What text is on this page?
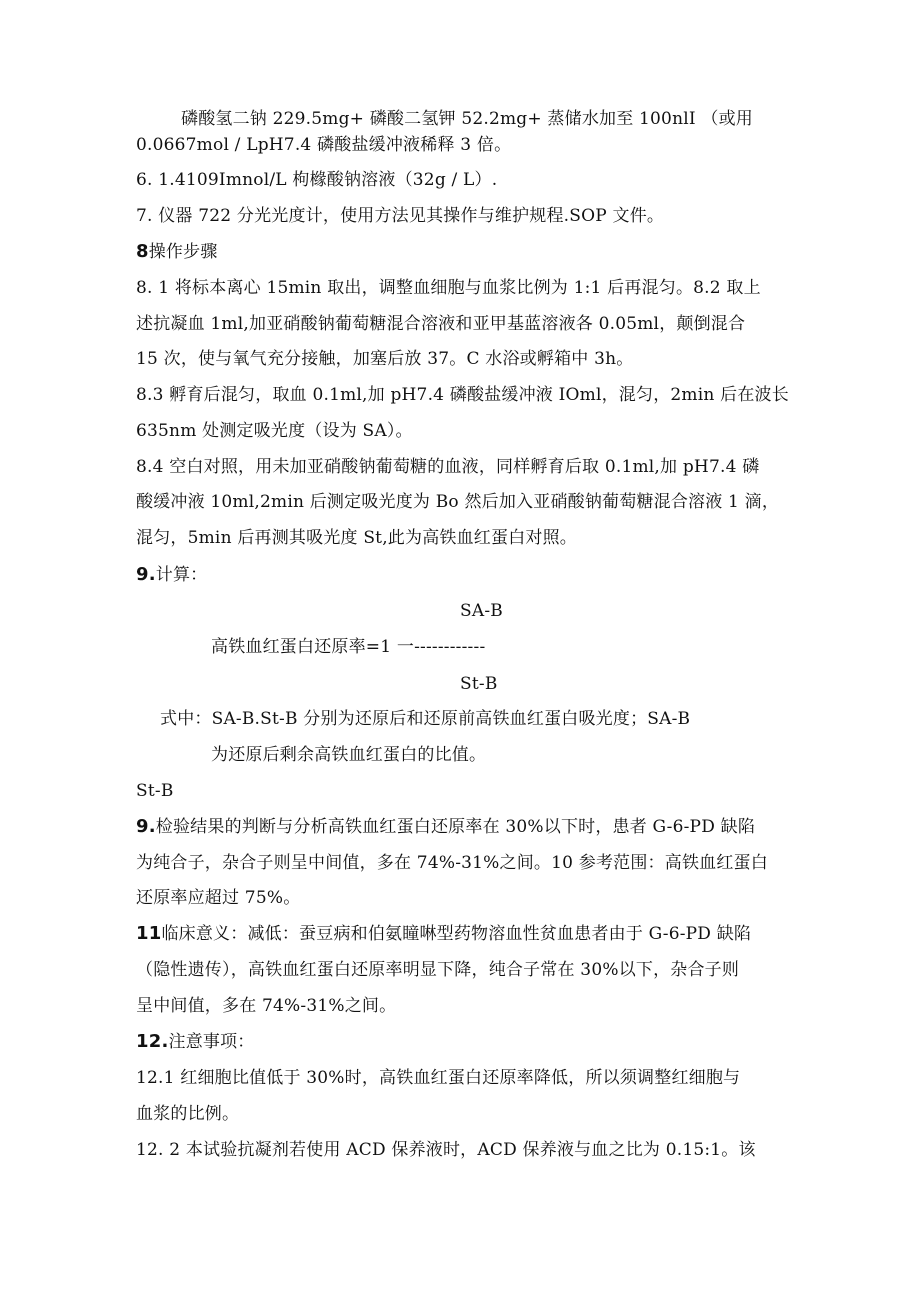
磷酸氢二钠 229.5mg+ 磷酸二氢钾 52.2mg+ 蒸储水加至 100nlI （或用
0.0667mol / LpH7.4 磷酸盐缓冲液稀释 3 倍。
6. 1.4109Imnol/L 枸橼酸钠溶液（32g / L）.
7. 仪器 722 分光光度计，使用方法见其操作与维护规程.SOP 文件。
8操作步骤
8. 1 将标本离心 15min 取出，调整血细胞与血浆比例为 1:1 后再混匀。8.2 取上
述抗凝血 1ml,加亚硝酸钠葡萄糖混合溶液和亚甲基蓝溶液各 0.05ml，颠倒混合
15 次，使与氧气充分接触，加塞后放 37。C 水浴或孵箱中 3h。
8.3 孵育后混匀，取血 0.1ml,加 pH7.4 磷酸盐缓冲液 IOml，混匀，2min 后在波长
635nm 处测定吸光度（设为 SA）。
8.4 空白对照，用未加亚硝酸钠葡萄糖的血液，同样孵育后取 0.1ml,加 pH7.4 磷
酸缓冲液 10ml,2min 后测定吸光度为 Bo 然后加入亚硝酸钠葡萄糖混合溶液 1 滴，
混匀，5min 后再测其吸光度 St,此为高铁血红蛋白对照。
9.计算：
SA-B
高铁血红蛋白还原率=1 一------------
St-B
式中：SA-B.St-B 分别为还原后和还原前高铁血红蛋白吸光度；SA-B
为还原后剩余高铁血红蛋白的比值。
St-B
9.检验结果的判断与分析高铁血红蛋白还原率在 30%以下时，患者 G-6-PD 缺陷
为纯合子，杂合子则呈中间值，多在 74%-31%之间。10 参考范围：高铁血红蛋白
还原率应超过 75%。
11临床意义：减低：蚕豆病和伯氨瞳啉型药物溶血性贫血患者由于 G-6-PD 缺陷
（隐性遗传），高铁血红蛋白还原率明显下降，纯合子常在 30%以下，杂合子则
呈中间值，多在 74%-31%之间。
12.注意事项：
12.1 红细胞比值低于 30%时，高铁血红蛋白还原率降低，所以须调整红细胞与
血浆的比例。
12. 2 本试验抗凝剂若使用 ACD 保养液时，ACD 保养液与血之比为 0.15:1。该
